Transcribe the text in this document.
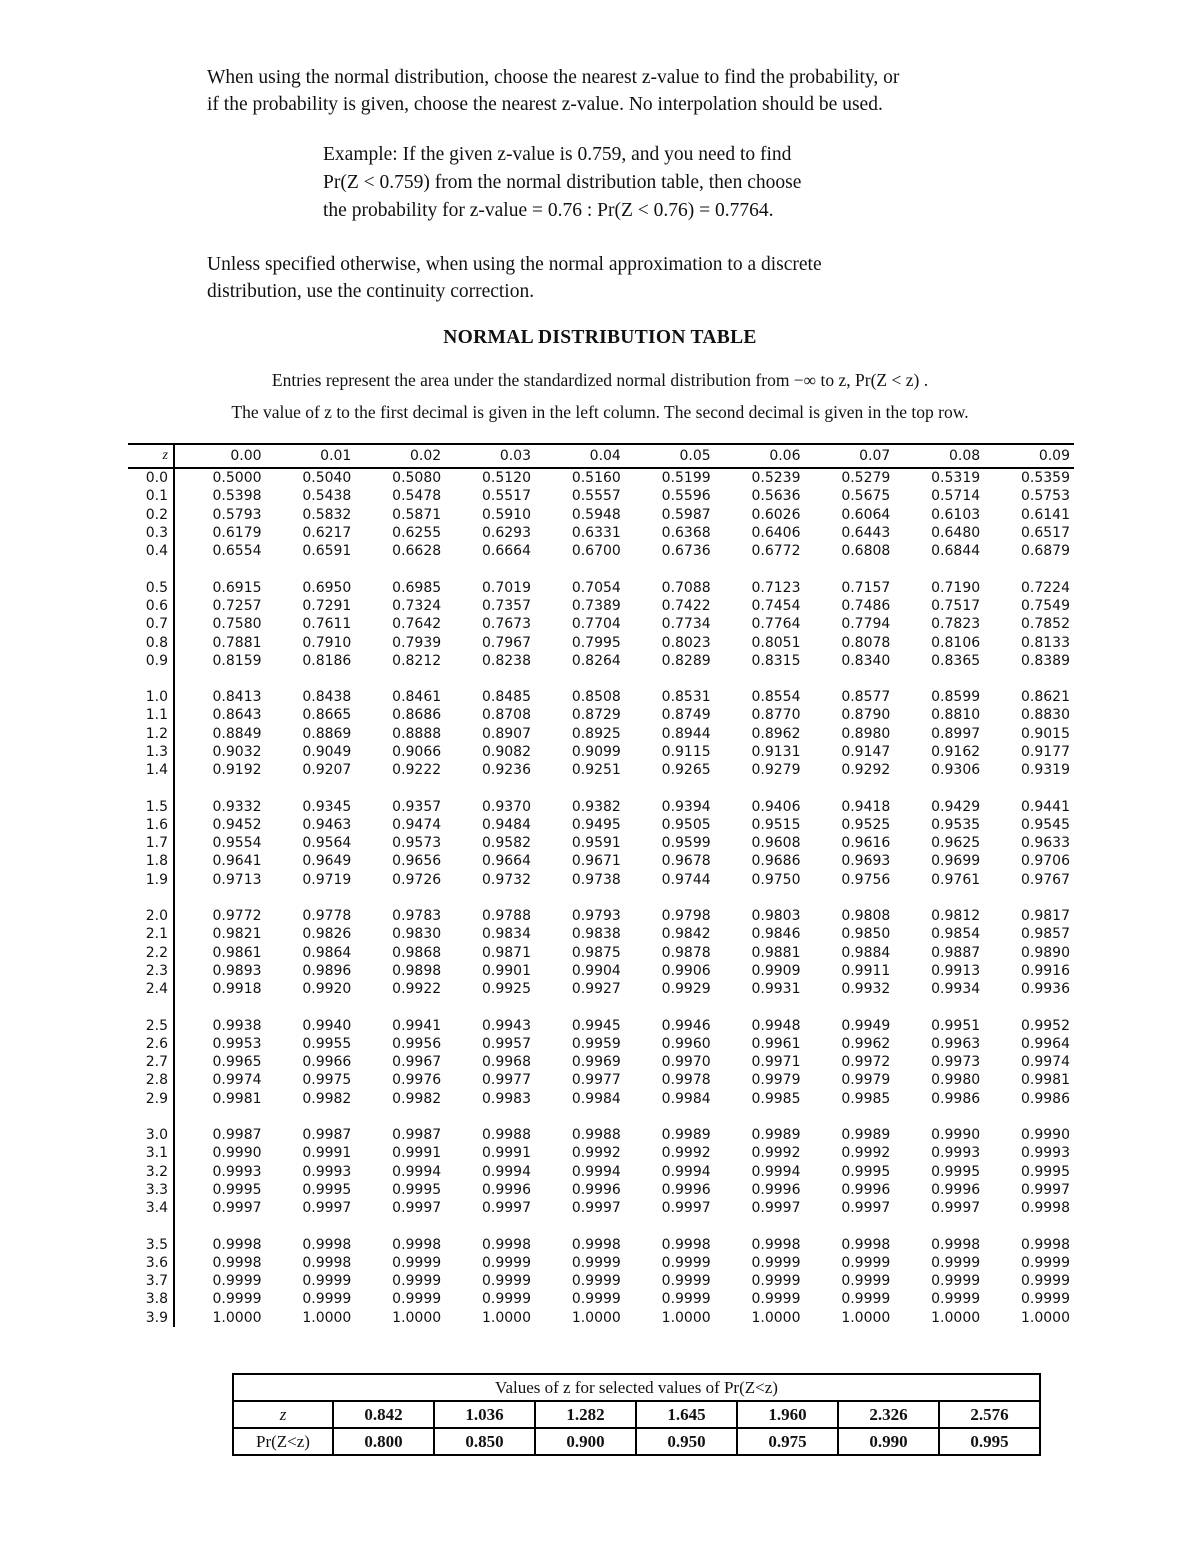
When using the normal distribution, choose the nearest z-value to find the probability, or
if the probability is given, choose the nearest z-value. No interpolation should be used.
Example: If the given z-value is 0.759, and you need to find
Pr(Z < 0.759) from the normal distribution table, then choose
the probability for z-value = 0.76 : Pr(Z < 0.76) = 0.7764.
Unless specified otherwise, when using the normal approximation to a discrete
distribution, use the continuity correction.
NORMAL DISTRIBUTION TABLE
Entries represent the area under the standardized normal distribution from −∞ to z, Pr(Z < z) .
The value of z to the first decimal is given in the left column. The second decimal is given in the top row.
z	0.00	0.01	0.02	0.03	0.04	0.05	0.06	0.07	0.08	0.09
0.0	0.5000	0.5040	0.5080	0.5120	0.5160	0.5199	0.5239	0.5279	0.5319	0.5359
0.1	0.5398	0.5438	0.5478	0.5517	0.5557	0.5596	0.5636	0.5675	0.5714	0.5753
0.2	0.5793	0.5832	0.5871	0.5910	0.5948	0.5987	0.6026	0.6064	0.6103	0.6141
0.3	0.6179	0.6217	0.6255	0.6293	0.6331	0.6368	0.6406	0.6443	0.6480	0.6517
0.4	0.6554	0.6591	0.6628	0.6664	0.6700	0.6736	0.6772	0.6808	0.6844	0.6879

0.5	0.6915	0.6950	0.6985	0.7019	0.7054	0.7088	0.7123	0.7157	0.7190	0.7224
0.6	0.7257	0.7291	0.7324	0.7357	0.7389	0.7422	0.7454	0.7486	0.7517	0.7549
0.7	0.7580	0.7611	0.7642	0.7673	0.7704	0.7734	0.7764	0.7794	0.7823	0.7852
0.8	0.7881	0.7910	0.7939	0.7967	0.7995	0.8023	0.8051	0.8078	0.8106	0.8133
0.9	0.8159	0.8186	0.8212	0.8238	0.8264	0.8289	0.8315	0.8340	0.8365	0.8389

1.0	0.8413	0.8438	0.8461	0.8485	0.8508	0.8531	0.8554	0.8577	0.8599	0.8621
1.1	0.8643	0.8665	0.8686	0.8708	0.8729	0.8749	0.8770	0.8790	0.8810	0.8830
1.2	0.8849	0.8869	0.8888	0.8907	0.8925	0.8944	0.8962	0.8980	0.8997	0.9015
1.3	0.9032	0.9049	0.9066	0.9082	0.9099	0.9115	0.9131	0.9147	0.9162	0.9177
1.4	0.9192	0.9207	0.9222	0.9236	0.9251	0.9265	0.9279	0.9292	0.9306	0.9319

1.5	0.9332	0.9345	0.9357	0.9370	0.9382	0.9394	0.9406	0.9418	0.9429	0.9441
1.6	0.9452	0.9463	0.9474	0.9484	0.9495	0.9505	0.9515	0.9525	0.9535	0.9545
1.7	0.9554	0.9564	0.9573	0.9582	0.9591	0.9599	0.9608	0.9616	0.9625	0.9633
1.8	0.9641	0.9649	0.9656	0.9664	0.9671	0.9678	0.9686	0.9693	0.9699	0.9706
1.9	0.9713	0.9719	0.9726	0.9732	0.9738	0.9744	0.9750	0.9756	0.9761	0.9767

2.0	0.9772	0.9778	0.9783	0.9788	0.9793	0.9798	0.9803	0.9808	0.9812	0.9817
2.1	0.9821	0.9826	0.9830	0.9834	0.9838	0.9842	0.9846	0.9850	0.9854	0.9857
2.2	0.9861	0.9864	0.9868	0.9871	0.9875	0.9878	0.9881	0.9884	0.9887	0.9890
2.3	0.9893	0.9896	0.9898	0.9901	0.9904	0.9906	0.9909	0.9911	0.9913	0.9916
2.4	0.9918	0.9920	0.9922	0.9925	0.9927	0.9929	0.9931	0.9932	0.9934	0.9936

2.5	0.9938	0.9940	0.9941	0.9943	0.9945	0.9946	0.9948	0.9949	0.9951	0.9952
2.6	0.9953	0.9955	0.9956	0.9957	0.9959	0.9960	0.9961	0.9962	0.9963	0.9964
2.7	0.9965	0.9966	0.9967	0.9968	0.9969	0.9970	0.9971	0.9972	0.9973	0.9974
2.8	0.9974	0.9975	0.9976	0.9977	0.9977	0.9978	0.9979	0.9979	0.9980	0.9981
2.9	0.9981	0.9982	0.9982	0.9983	0.9984	0.9984	0.9985	0.9985	0.9986	0.9986

3.0	0.9987	0.9987	0.9987	0.9988	0.9988	0.9989	0.9989	0.9989	0.9990	0.9990
3.1	0.9990	0.9991	0.9991	0.9991	0.9992	0.9992	0.9992	0.9992	0.9993	0.9993
3.2	0.9993	0.9993	0.9994	0.9994	0.9994	0.9994	0.9994	0.9995	0.9995	0.9995
3.3	0.9995	0.9995	0.9995	0.9996	0.9996	0.9996	0.9996	0.9996	0.9996	0.9997
3.4	0.9997	0.9997	0.9997	0.9997	0.9997	0.9997	0.9997	0.9997	0.9997	0.9998

3.5	0.9998	0.9998	0.9998	0.9998	0.9998	0.9998	0.9998	0.9998	0.9998	0.9998
3.6	0.9998	0.9998	0.9999	0.9999	0.9999	0.9999	0.9999	0.9999	0.9999	0.9999
3.7	0.9999	0.9999	0.9999	0.9999	0.9999	0.9999	0.9999	0.9999	0.9999	0.9999
3.8	0.9999	0.9999	0.9999	0.9999	0.9999	0.9999	0.9999	0.9999	0.9999	0.9999
3.9	1.0000	1.0000	1.0000	1.0000	1.0000	1.0000	1.0000	1.0000	1.0000	1.0000
Values of z for selected values of Pr(Z<z)							
z	0.842	1.036	1.282	1.645	1.960	2.326	2.576
Pr(Z<z)	0.800	0.850	0.900	0.950	0.975	0.990	0.995
